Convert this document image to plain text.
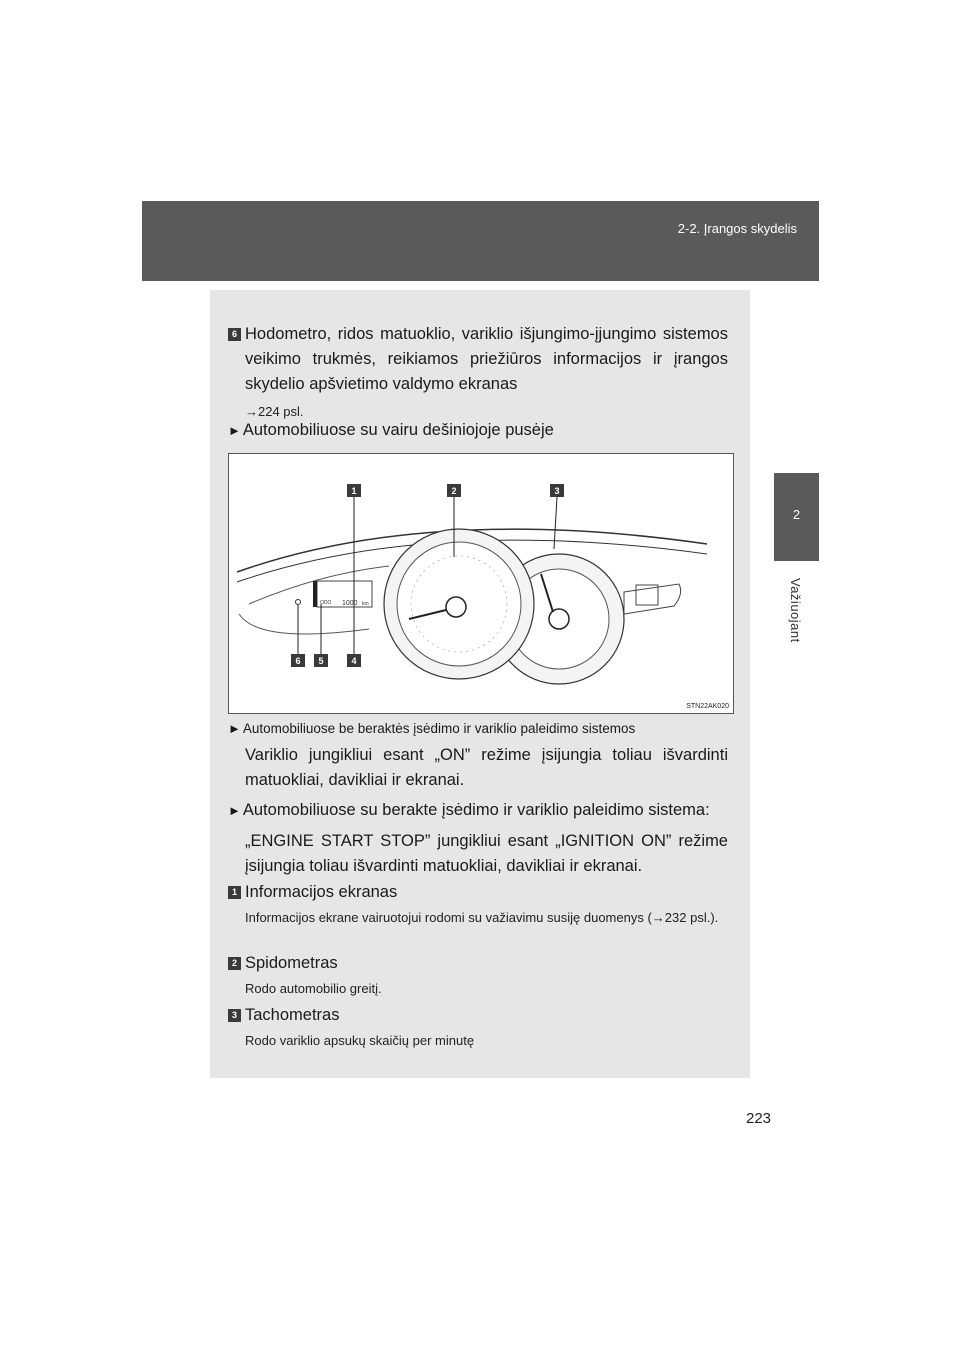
2-2. Įrangos skydelis
2
Važiuojant
6 Hodometro, ridos matuoklio, variklio išjungimo-įjungimo sistemos veikimo trukmės, reikiamos priežiūros informacijos ir įrangos skydelio apšvietimo valdymo ekranas
→224 psl.
► Automobiliuose su vairu dešiniojoje pusėje
ODO 1000 km
1	2	3
6 5	4
STN22AK020
► Automobiliuose be beraktės įsėdimo ir variklio paleidimo sistemos
Variklio jungikliui esant „ON” režime įsijungia toliau išvardinti matuokliai, davikliai ir ekranai.
► Automobiliuose su berakte įsėdimo ir variklio paleidimo sistema:
„ENGINE START STOP” jungikliui esant „IGNITION ON” režime įsijungia toliau išvardinti matuokliai, davikliai ir ekranai.
1 Informacijos ekranas
Informacijos ekrane vairuotojui rodomi su važiavimu susiję duomenys (→232 psl.).
2 Spidometras
Rodo automobilio greitį.
3 Tachometras
Rodo variklio apsukų skaičių per minutę
223
